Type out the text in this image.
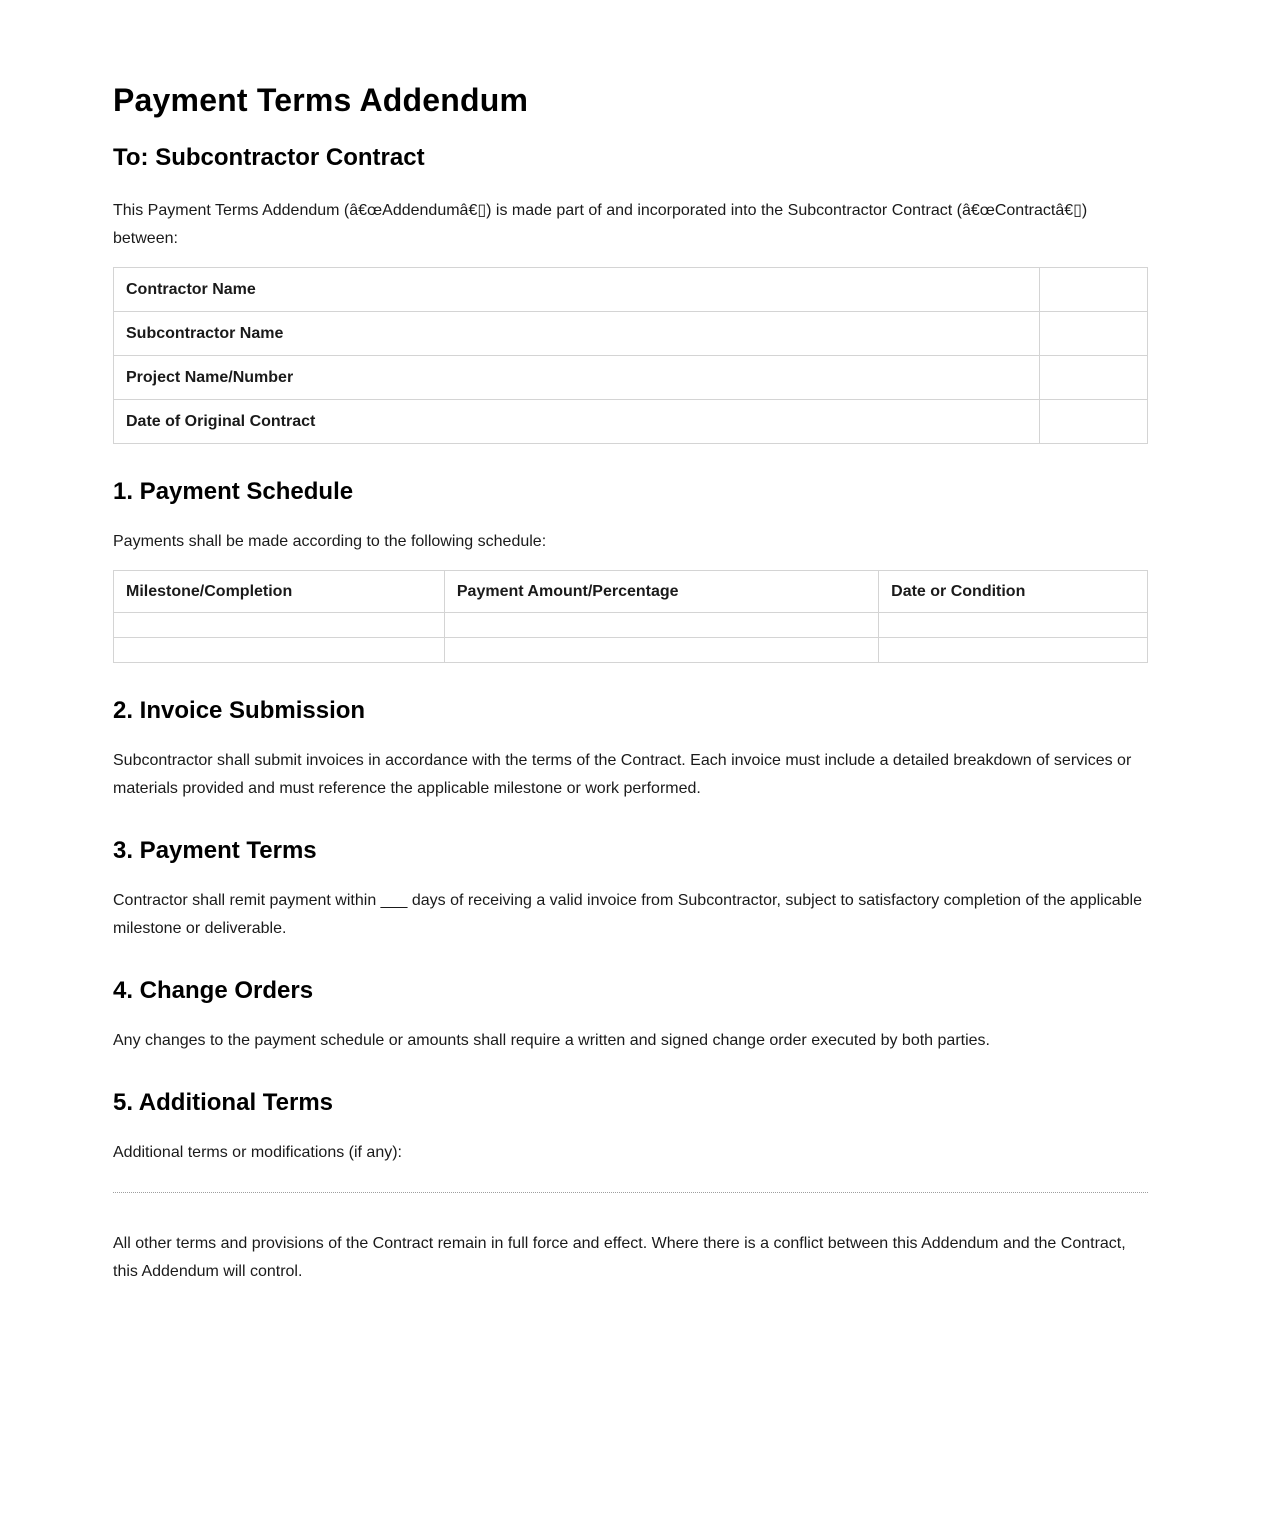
Payment Terms Addendum
To: Subcontractor Contract

This Payment Terms Addendum (â€œAddendumâ€▯) is made part of and incorporated into the Subcontractor Contract (â€œContractâ€▯) between:

Contractor Name	
Subcontractor Name	
Project Name/Number	
Date of Original Contract	
1. Payment Schedule

Payments shall be made according to the following schedule:

Milestone/Completion	Payment Amount/Percentage	Date or Condition

2. Invoice Submission

Subcontractor shall submit invoices in accordance with the terms of the Contract. Each invoice must include a detailed breakdown of services or materials provided and must reference the applicable milestone or work performed.

3. Payment Terms

Contractor shall remit payment within ___ days of receiving a valid invoice from Subcontractor, subject to satisfactory completion of the applicable milestone or deliverable.

4. Change Orders

Any changes to the payment schedule or amounts shall require a written and signed change order executed by both parties.

5. Additional Terms

Additional terms or modifications (if any):

All other terms and provisions of the Contract remain in full force and effect. Where there is a conflict between this Addendum and the Contract, this Addendum will control.
